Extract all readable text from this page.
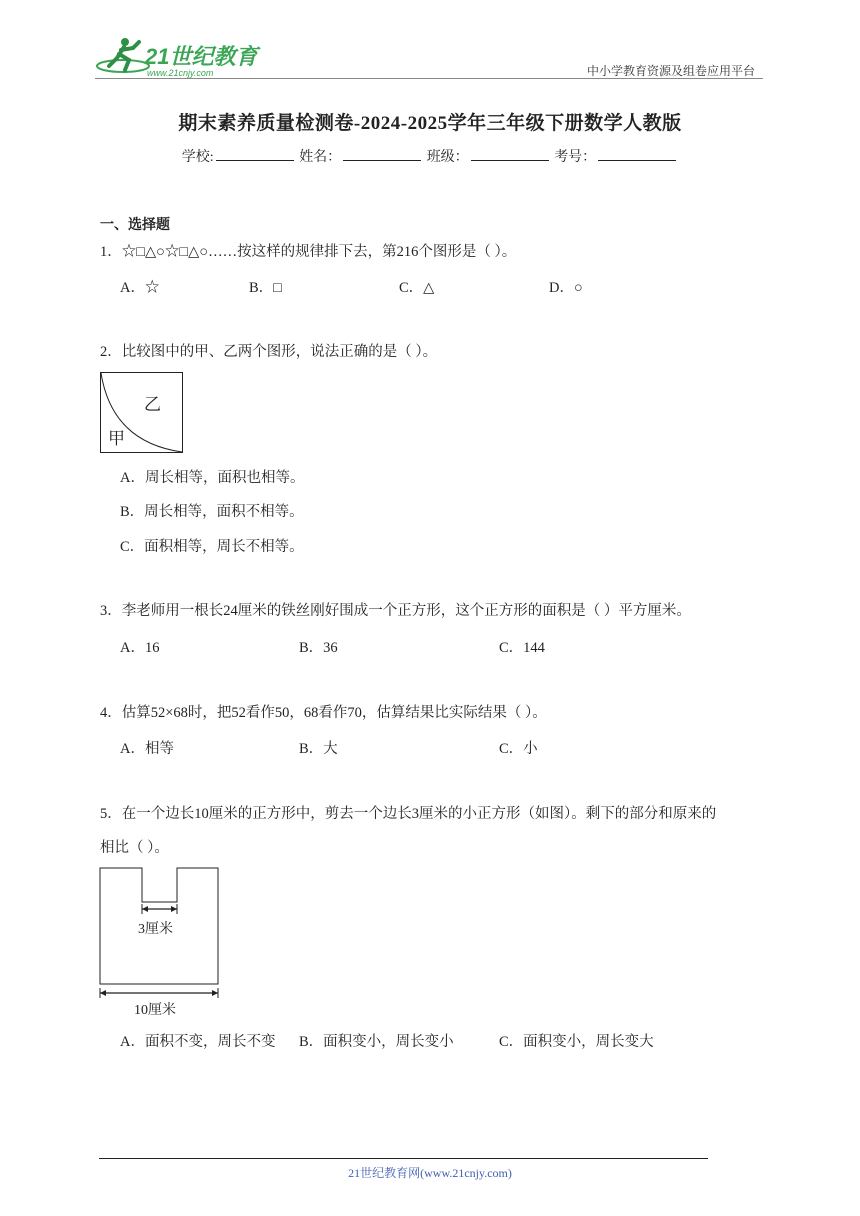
21世纪教育
www.21cnjy.com	中小学教育资源及组卷应用平台
期末素养质量检测卷-2024-2025学年三年级下册数学人教版
学校:	姓名：	班级：	考号：
一、选择题
1．☆□△○☆□△○……按这样的规律排下去，第216个图形是（ ）。
A．☆	B．□	C．△	D．○
2．比较图中的甲、乙两个图形，说法正确的是（ ）。
乙
甲
A．周长相等，面积也相等。
B．周长相等，面积不相等。
C．面积相等，周长不相等。
3．李老师用一根长24厘米的铁丝刚好围成一个正方形，这个正方形的面积是（ ）平方厘米。
A．16	B．36	C．144
4．估算52×68时，把52看作50，68看作70，估算结果比实际结果（ ）。
A．相等	B．大	C．小
5．在一个边长10厘米的正方形中，剪去一个边长3厘米的小正方形（如图）。剩下的部分和原来的
相比（ ）。
3厘米
10厘米
A．面积不变，周长不变 B．面积变小，周长变小	C．面积变小，周长变大
21世纪教育网(www.21cnjy.com)
